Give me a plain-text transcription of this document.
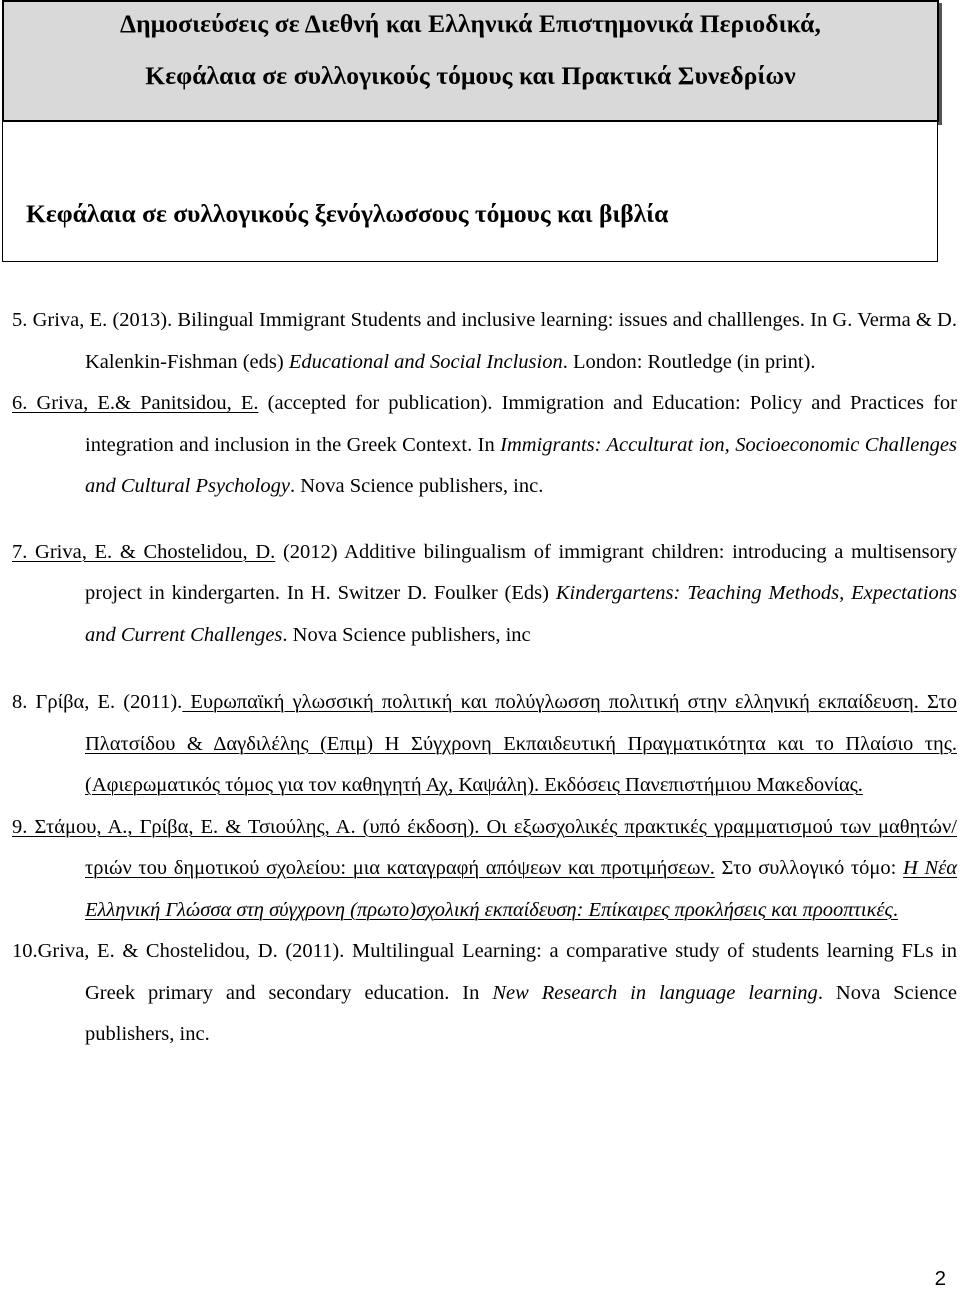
Δημοσιεύσεις σε Διεθνή και Ελληνικά Επιστημονικά Περιοδικά,
Κεφάλαια σε συλλογικούς τόμους και Πρακτικά Συνεδρίων
Κεφάλαια σε συλλογικούς ξενόγλωσσους τόμους και βιβλία
5. Griva, E. (2013). Bilingual Immigrant Students and inclusive learning: issues and challlenges. In G. Verma & D. Kalenkin-Fishman (eds) Educational and Social Inclusion. London: Routledge (in print).
6. Griva, E.& Panitsidou, E. (accepted for publication). Immigration and Education: Policy and Practices for integration and inclusion in the Greek Context. In Immigrants: Acculturat ion, Socioeconomic Challenges and Cultural Psychology. Nova Science publishers, inc.
7. Griva, E. & Chostelidou, D. (2012) Additive bilingualism of immigrant children: introducing a multisensory project in kindergarten. In H. Switzer D. Foulker (Eds) Kindergartens: Teaching Methods, Expectations and Current Challenges. Nova Science publishers, inc
8. Γρίβα, Ε. (2011). Ευρωπαϊκή γλωσσική πολιτική και πολύγλωσση πολιτική στην ελληνική εκπαίδευση. Στο Πλατσίδου & Δαγδιλέλης (Επιμ) Η Σύγχρονη Εκπαιδευτική Πραγματικότητα και το Πλαίσιο της. (Αφιερωματικός τόμος για τον καθηγητή Αχ, Καψάλη). Εκδόσεις Πανεπιστήμιου Μακεδονίας.
9. Στάμου, Α., Γρίβα, Ε. & Τσιούλης, Α. (υπό έκδοση). Οι εξωσχολικές πρακτικές γραμματισμού των μαθητών/τριών του δημοτικού σχολείου: μια καταγραφή απόψεων και προτιμήσεων. Στο συλλογικό τόμο: Η Νέα Ελληνική Γλώσσα στη σύγχρονη (πρωτο)σχολική εκπαίδευση: Επίκαιρες προκλήσεις και προοπτικές.
10.Griva, E. & Chostelidou, D. (2011). Multilingual Learning: a comparative study of students learning FLs in Greek primary and secondary education. In New Research in language learning. Nova Science publishers, inc.
2
